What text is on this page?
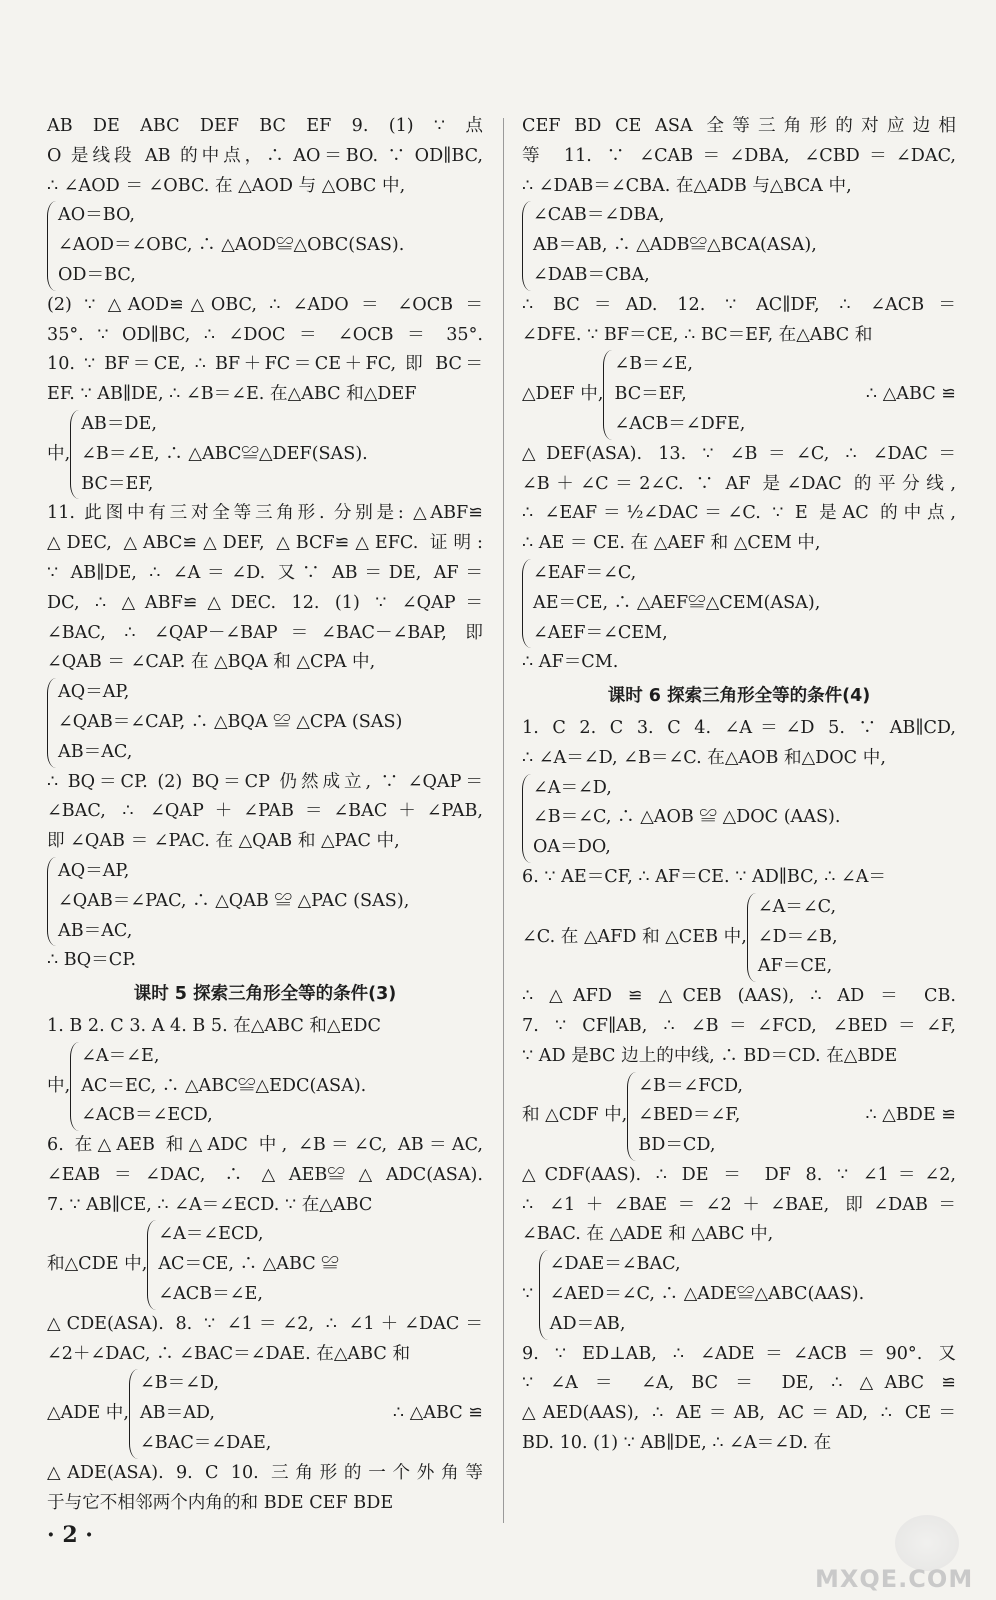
AB DE ABC DEF BC EF 9. (1) ∵ 点
O 是线段 AB 的中点，∴ AO＝BO. ∵ OD∥BC,
∴ ∠AOD ＝ ∠OBC. 在 △AOD 与 △OBC 中,
AO＝BO,
∠AOD＝∠OBC, ∴ △AOD≌△OBC(SAS).
OD＝BC,
(2) ∵ △AOD≌△OBC, ∴ ∠ADO ＝ ∠OCB ＝
35°. ∵ OD∥BC, ∴ ∠DOC ＝ ∠OCB ＝ 35°.
10. ∵ BF＝CE, ∴ BF＋FC＝CE＋FC, 即 BC＝
EF. ∵ AB∥DE, ∴ ∠B＝∠E. 在△ABC 和△DEF
中,
AB＝DE,
∠B＝∠E, ∴ △ABC≌△DEF(SAS).
BC＝EF,
11. 此图中有三对全等三角形. 分别是: △ABF≌
△DEC, △ABC≌△DEF, △BCF≌△EFC. 证明:
∵ AB∥DE, ∴ ∠A＝∠D. 又∵ AB＝DE, AF＝
DC, ∴ △ABF≌△DEC. 12. (1) ∵ ∠QAP＝
∠BAC, ∴ ∠QAP－∠BAP＝∠BAC－∠BAP, 即
∠QAB ＝ ∠CAP. 在 △BQA 和 △CPA 中,
AQ＝AP,
∠QAB＝∠CAP, ∴ △BQA ≌ △CPA (SAS)
AB＝AC,
∴ BQ＝CP. (2) BQ＝CP 仍然成立, ∵ ∠QAP＝
∠BAC, ∴ ∠QAP＋∠PAB＝∠BAC＋∠PAB,
即 ∠QAB ＝ ∠PAC. 在 △QAB 和 △PAC 中,
AQ＝AP,
∠QAB＝∠PAC, ∴ △QAB ≌ △PAC (SAS),
AB＝AC,
∴ BQ＝CP.
课时 5 探索三角形全等的条件(3)
1. B 2. C 3. A 4. B 5. 在△ABC 和△EDC
中,
∠A＝∠E,
AC＝EC, ∴ △ABC≌△EDC(ASA).
∠ACB＝∠ECD,
6. 在△AEB 和△ADC 中, ∠B＝∠C, AB＝AC,
∠EAB＝∠DAC, ∴ △AEB≌△ADC(ASA).
7. ∵ AB∥CE, ∴ ∠A＝∠ECD. ∵ 在△ABC
和△CDE 中,
∠A＝∠ECD,
AC＝CE, ∴ △ABC ≌
∠ACB＝∠E,
△CDE(ASA). 8. ∵ ∠1＝∠2, ∴ ∠1＋∠DAC＝
∠2＋∠DAC, ∴ ∠BAC＝∠DAE. 在△ABC 和
△ADE 中,
∠B＝∠D,
AB＝AD,
∠BAC＝∠DAE,
∴ △ABC ≌
△ADE(ASA). 9. C 10. 三角形的一个外角等
于与它不相邻两个内角的和 BDE CEF BDE
CEF BD CE ASA 全等三角形的对应边相
等 11. ∵ ∠CAB＝∠DBA, ∠CBD＝∠DAC,
∴ ∠DAB＝∠CBA. 在△ADB 与△BCA 中,
∠CAB＝∠DBA,
AB＝AB, ∴ △ADB≌△BCA(ASA),
∠DAB＝CBA,
∴ BC＝AD. 12. ∵ AC∥DF, ∴ ∠ACB＝
∠DFE. ∵ BF＝CE, ∴ BC＝EF, 在△ABC 和
△DEF 中,
∠B＝∠E,
BC＝EF,
∠ACB＝∠DFE,
∴ △ABC ≌
△DEF(ASA). 13. ∵ ∠B＝∠C, ∴ ∠DAC＝
∠B＋∠C＝2∠C. ∵ AF 是∠DAC 的平分线,
∴ ∠EAF＝½∠DAC＝∠C. ∵ E 是AC 的中点,
∴ AE ＝ CE. 在 △AEF 和 △CEM 中,
∠EAF＝∠C,
AE＝CE, ∴ △AEF≌△CEM(ASA),
∠AEF＝∠CEM,
∴ AF＝CM.
课时 6 探索三角形全等的条件(4)
1. C 2. C 3. C 4. ∠A＝∠D 5. ∵ AB∥CD,
∴ ∠A＝∠D, ∠B＝∠C. 在△AOB 和△DOC 中,
∠A＝∠D,
∠B＝∠C, ∴ △AOB ≌ △DOC (AAS).
OA＝DO,
6. ∵ AE＝CF, ∴ AF＝CE. ∵ AD∥BC, ∴ ∠A＝
∠C. 在 △AFD 和 △CEB 中,
∠A＝∠C,
∠D＝∠B,
AF＝CE,
∴ △AFD ≌ △CEB (AAS), ∴ AD ＝ CB.
7. ∵ CF∥AB, ∴ ∠B＝∠FCD, ∠BED＝∠F,
∵ AD 是BC 边上的中线, ∴ BD＝CD. 在△BDE
和 △CDF 中,
∠B＝∠FCD,
∠BED＝∠F,
BD＝CD,
∴ △BDE ≌
△CDF(AAS). ∴ DE ＝ DF 8. ∵ ∠1＝∠2,
∴ ∠1＋∠BAE＝∠2＋∠BAE, 即∠DAB＝
∠BAC. 在 △ADE 和 △ABC 中,
∵
∠DAE＝∠BAC,
∠AED＝∠C, ∴ △ADE≌△ABC(AAS).
AD＝AB,
9. ∵ ED⊥AB, ∴ ∠ADE＝∠ACB＝90°. 又
∵ ∠A ＝ ∠A, BC ＝ DE, ∴ △ABC ≌
△AED(AAS), ∴ AE＝AB, AC＝AD, ∴ CE＝
BD. 10. (1) ∵ AB∥DE, ∴ ∠A＝∠D. 在
· 2 ·
MXQE.COM
